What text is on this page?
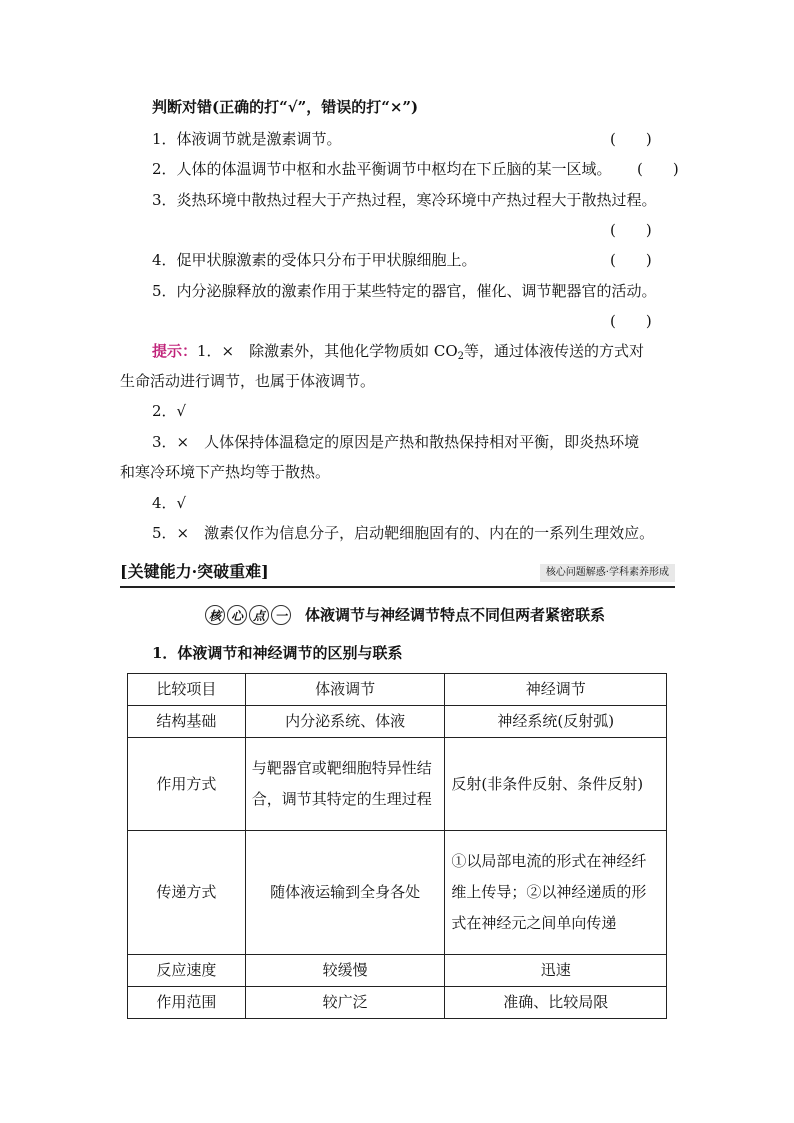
判断对错(正确的打“√”，错误的打“×”)
1．体液调节就是激素调节。	(　　)
2．人体的体温调节中枢和水盐平衡调节中枢均在下丘脑的某一区域。 (　　)
3．炎热环境中散热过程大于产热过程，寒冷环境中产热过程大于散热过程。
(　　)
4．促甲状腺激素的受体只分布于甲状腺细胞上。	(　　)
5．内分泌腺释放的激素作用于某些特定的器官，催化、调节靶器官的活动。
(　　)
提示：1．×　除激素外，其他化学物质如 $CO_2$等，通过体液传送的方式对
生命活动进行调节，也属于体液调节。
2．√
3．×　人体保持体温稳定的原因是产热和散热保持相对平衡，即炎热环境
和寒冷环境下产热均等于散热。
4．√
5．×　激素仅作为信息分子，启动靶细胞固有的、内在的一系列生理效应。
[关键能力·突破重难]	核心问题解惑·学科素养形成
核 心 点 一 体液调节与神经调节特点不同但两者紧密联系
1．体液调节和神经调节的区别与联系
比较项目	体液调节	神经调节
结构基础	内分泌系统、体液	神经系统(反射弧)
作用方式	与靶器官或靶细胞特异性结合，调节其特定的生理过程	反射(非条件反射、条件反射)
传递方式	随体液运输到全身各处	①以局部电流的形式在神经纤维上传导；②以神经递质的形式在神经元之间单向传递
反应速度	较缓慢	迅速
作用范围	较广泛	准确、比较局限
